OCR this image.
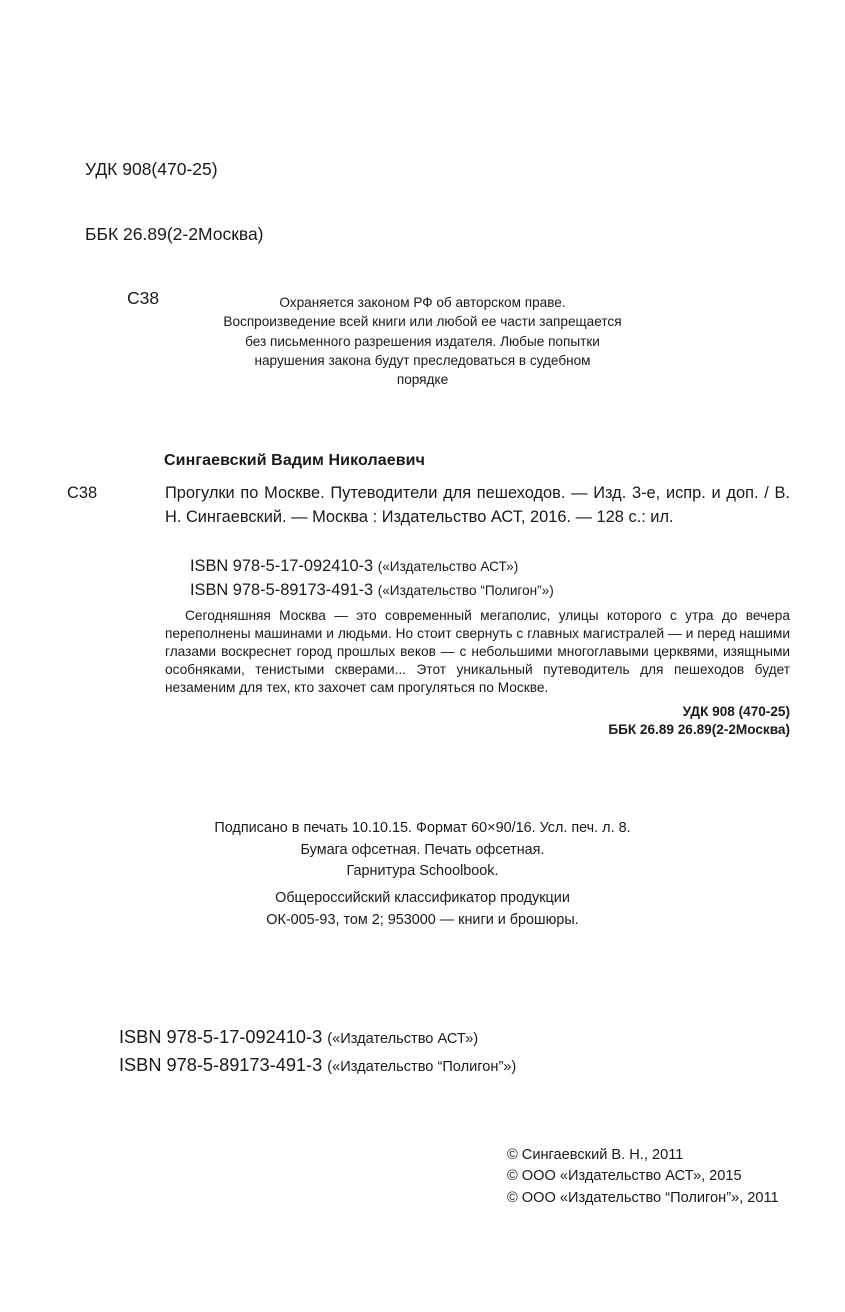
УДК 908(470-25)

ББК 26.89(2-2Москва)

С38

	Охраняется законом РФ об авторском праве.
Воспроизведение всей книги или любой ее части запрещается
без письменного разрешения издателя. Любые попытки
нарушения закона будут преследоваться в судебном
порядке
Сингаевский Вадим Николаевич
С38	Прогулки по Москве. Путеводители для пешеходов. — Изд. 3-е, испр. и доп. / В. Н. Сингаевский. — Москва : Издательство АСТ, 2016. — 128 с.: ил.
ISBN 978-5-17-092410-3 («Издательство АСТ»)
ISBN 978-5-89173-491-3 («Издательство “Полигон”»)
Сегодняшняя Москва — это современный мегаполис, улицы которого с утра до вечера переполнены машинами и людьми. Но стоит свернуть с главных магистралей — и перед нашими глазами воскреснет город прошлых веков — с небольшими многоглавыми церквями, изящными особняками, тенистыми скверами... Этот уникальный путеводитель для пешеходов будет незаменим для тех, кто захочет сам прогуляться по Москве.
УДК 908 (470-25)
ББК 26.89 26.89(2-2Москва)
Подписано в печать 10.10.15. Формат 60×90/16. Усл. печ. л. 8.
Бумага офсетная. Печать офсетная.
Гарнитура Schoolbook.
Общероссийский классификатор продукции
ОК-005-93, том 2; 953000 — книги и брошюры.
ISBN 978-5-17-092410-3 («Издательство АСТ»)
ISBN 978-5-89173-491-3 («Издательство “Полигон”»)
© Сингаевский В. Н., 2011
© ООО «Издательство АСТ», 2015
© ООО «Издательство “Полигон”», 2011
